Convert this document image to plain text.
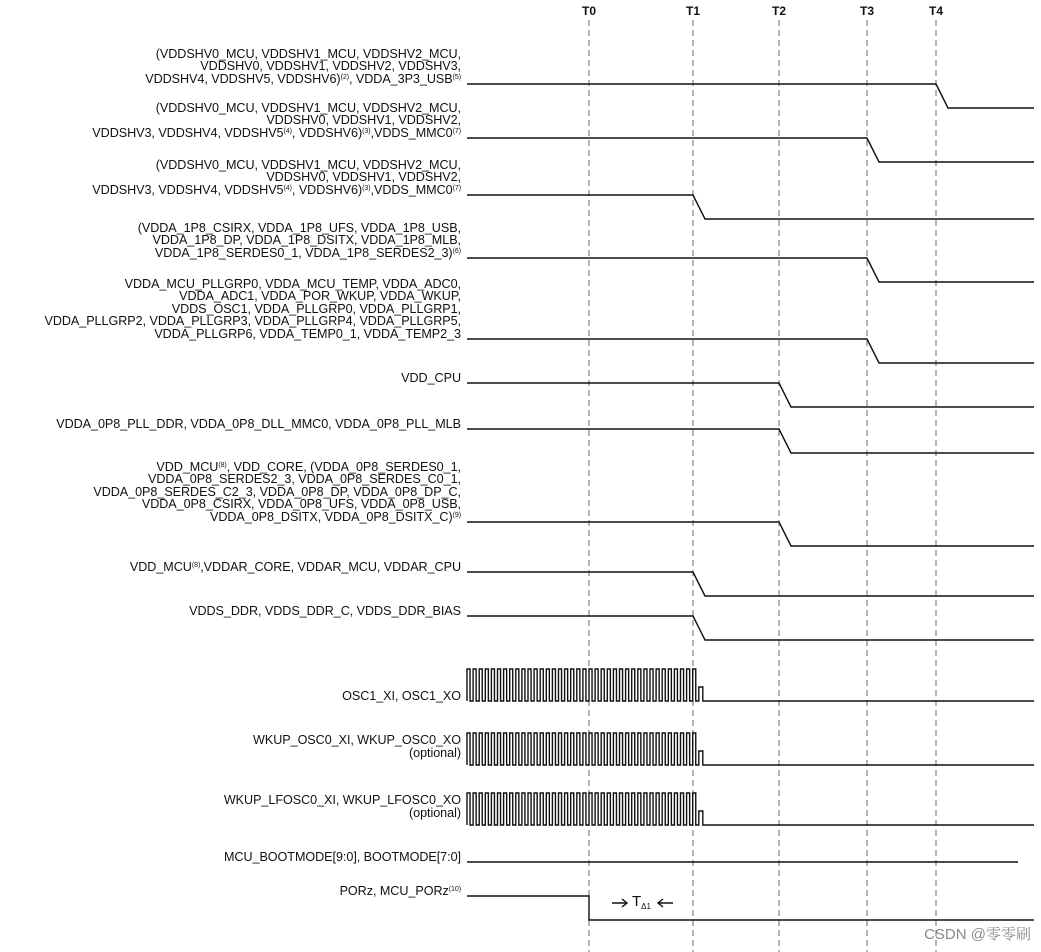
T0	T1	T2	T3	T4
(VDDSHV0_MCU, VDDSHV1_MCU, VDDSHV2_MCU,
VDDSHV0, VDDSHV1, VDDSHV2, VDDSHV3,
VDDSHV4, VDDSHV5, VDDSHV6)$^{(2)}$, VDDA_3P3_USB$^{(5)}$
(VDDSHV0_MCU, VDDSHV1_MCU, VDDSHV2_MCU,
VDDSHV0, VDDSHV1, VDDSHV2,
VDDSHV3, VDDSHV4, VDDSHV5$^{(4)}$, VDDSHV6)$^{(3)}$,VDDS_MMC0$^{(7)}$
(VDDSHV0_MCU, VDDSHV1_MCU, VDDSHV2_MCU,
VDDSHV0, VDDSHV1, VDDSHV2,
VDDSHV3, VDDSHV4, VDDSHV5$^{(4)}$, VDDSHV6)$^{(3)}$,VDDS_MMC0$^{(7)}$
(VDDA_1P8_CSIRX, VDDA_1P8_UFS, VDDA_1P8_USB,
VDDA_1P8_DP, VDDA_1P8_DSITX, VDDA_1P8_MLB,
VDDA_1P8_SERDES0_1, VDDA_1P8_SERDES2_3)$^{(6)}$
VDDA_MCU_PLLGRP0, VDDA_MCU_TEMP, VDDA_ADC0,
VDDA_ADC1, VDDA_POR_WKUP, VDDA_WKUP,
VDDS_OSC1, VDDA_PLLGRP0, VDDA_PLLGRP1,
VDDA_PLLGRP2, VDDA_PLLGRP3, VDDA_PLLGRP4, VDDA_PLLGRP5,
VDDA_PLLGRP6, VDDA_TEMP0_1, VDDA_TEMP2_3
VDD_CPU
VDDA_0P8_PLL_DDR, VDDA_0P8_DLL_MMC0, VDDA_0P8_PLL_MLB
VDD_MCU$^{(8)}$, VDD_CORE, (VDDA_0P8_SERDES0_1,
VDDA_0P8_SERDES2_3, VDDA_0P8_SERDES_C0_1,
VDDA_0P8_SERDES_C2_3, VDDA_0P8_DP, VDDA_0P8_DP_C,
VDDA_0P8_CSIRX, VDDA_0P8_UFS, VDDA_0P8_USB,
VDDA_0P8_DSITX, VDDA_0P8_DSITX_C)$^{(9)}$
VDD_MCU$^{(8)}$,VDDAR_CORE, VDDAR_MCU, VDDAR_CPU
VDDS_DDR, VDDS_DDR_C, VDDS_DDR_BIAS
OSC1_XI, OSC1_XO
WKUP_OSC0_XI, WKUP_OSC0_XO
(optional)
WKUP_LFOSC0_XI, WKUP_LFOSC0_XO
(optional)
MCU_BOOTMODE[9:0], BOOTMODE[7:0]
PORz, MCU_PORz$^{(10)}$
$T_{\Delta 1}$
CSDN @零零刷
